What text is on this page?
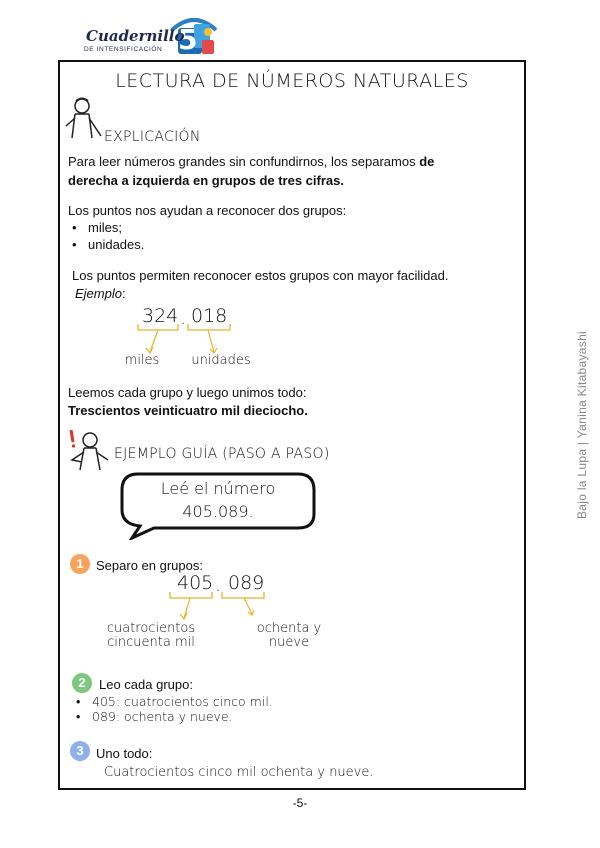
5
Cuadernillo
DE INTENSIFICACIÓN
LECTURA DE NÚMEROS NATURALES
EXPLICACIÓN
Para leer números grandes sin confundirnos, los separamos de
derecha a izquierda en grupos de tres cifras.
Los puntos nos ayudan a reconocer dos grupos:
• miles;
• unidades.
Los puntos permiten reconocer estos grupos con mayor facilidad.
Ejemplo:
324 . 018
miles	unidades
Leemos cada grupo y luego unimos todo:
Trescientos veinticuatro mil dieciocho.
EJEMPLO GUÍA (PASO A PASO)
Leé el número
405.089.
1 Separo en grupos:
405 . 089
cuatrocientos
cincuenta mil
ochenta y
nueve
2	Leo cada grupo:
• 405: cuatrocientos cinco mil.
• 089: ochenta y nueve.
3 Uno todo:
Cuatrocientos cinco mil ochenta y nueve.
Bajo la Lupa | Yanina Kitabayashi
-5-
